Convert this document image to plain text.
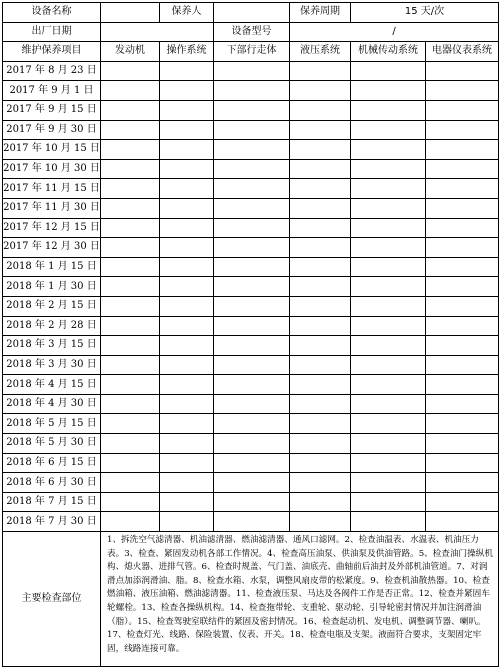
设备名称		保养人		保养周期	15 天/次	
出厂日期			设备型号	/		
维护保养项目	发动机	操作系统	下部行走体	液压系统	机械传动系统	电器仪表系统
2017 年 8 月 23 日						
2017 年 9 月 1 日						
2017 年 9 月 15 日						
2017 年 9 月 30 日						
2017 年 10 月 15 日						
2017 年 10 月 30 日						
2017 年 11 月 15 日						
2017 年 11 月 30 日						
2017 年 12 月 15 日						
2017 年 12 月 30 日						
2018 年 1 月 15 日						
2018 年 1 月 30 日						
2018 年 2 月 15 日						
2018 年 2 月 28 日						
2018 年 3 月 15 日						
2018 年 3 月 30 日						
2018 年 4 月 15 日						
2018 年 4 月 30 日						
2018 年 5 月 15 日						
2018 年 5 月 30 日						
2018 年 6 月 15 日						
2018 年 6 月 30 日						
2018 年 7 月 15 日						
2018 年 7 月 30 日						
主要检查部位	1、拆洗空气滤清器、机油滤清器、燃油滤清器、通风口滤网。2、检查油温表、水温表、机油压力表。3、检查、紧固发动机各部工作情况。4、检查高压油泵、供油泵及供油管路。5、检查油门操纵机构、熄火器、进排气管。6、检查时规盖、气门盖、油底壳、曲轴前后油封及外部机油管道。7、对润滑点加添润滑油、脂。8、检查水箱、水泵，调整风扇皮带的松紧度。9、检查机油散热器。10、检查燃油箱、液压油箱、燃油滤清器。11、检查液压泵、马达及各阀件工作是否正常。12、检查并紧固车轮螺栓。13、检查各操纵机构。14、检查拖带轮、支重轮、驱动轮、引导轮密封情况并加注润滑油（脂）。15、检查驾驶室联结件的紧固及密封情况。16、检查起动机、发电机、调整调节器、喇叭。17、检查灯光、线路、保险装置、仪表、开关。18、检查电瓶及支架。液面符合要求，支架固定牢固，线路连接可靠。					
